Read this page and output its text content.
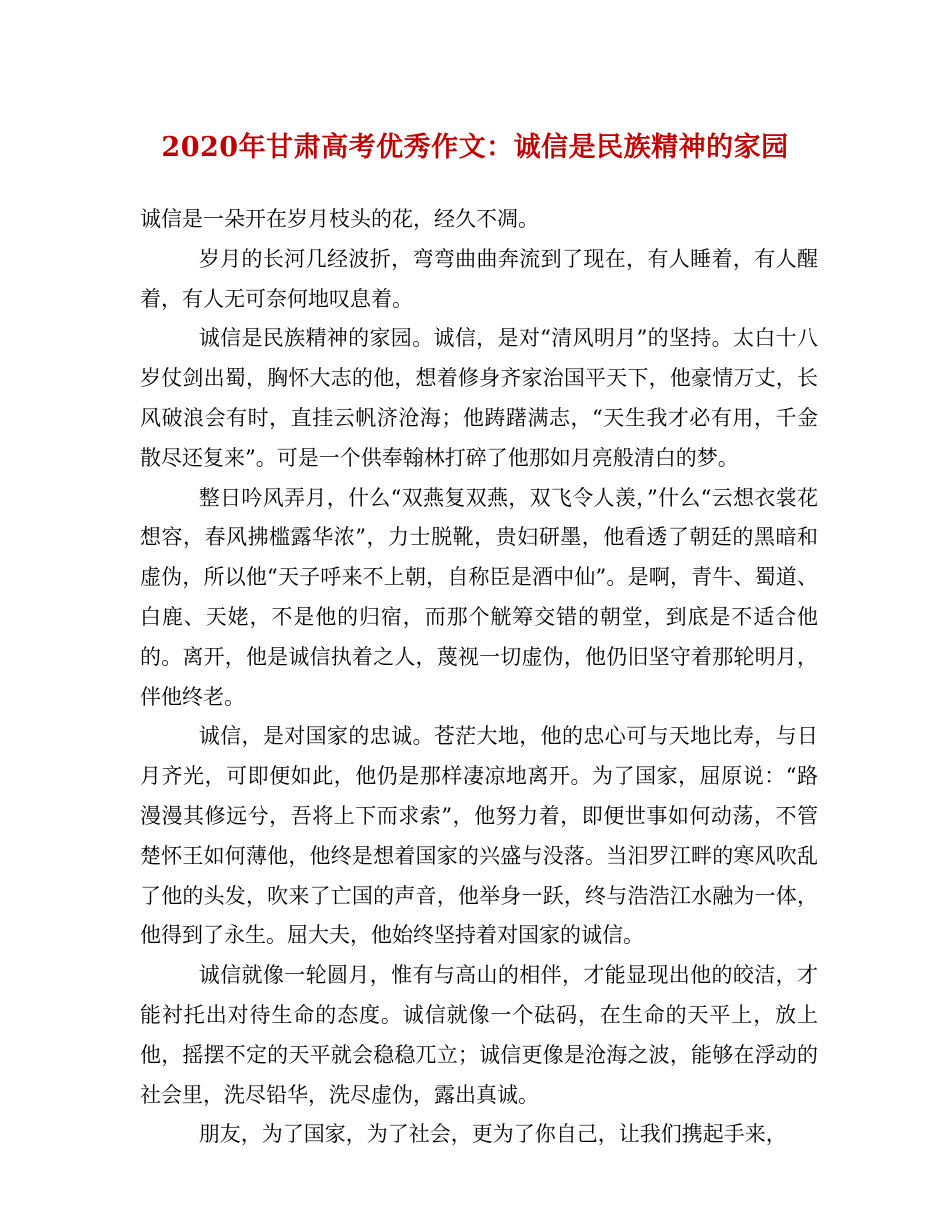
2020年甘肃高考优秀作文：诚信是民族精神的家园

诚信是一朵开在岁月枝头的花，经久不凋。

岁月的长河几经波折，弯弯曲曲奔流到了现在，有人睡着，有人醒着，有人无可奈何地叹息着。

诚信是民族精神的家园。诚信，是对“清风明月”的坚持。太白十八岁仗剑出蜀，胸怀大志的他，想着修身齐家治国平天下，他豪情万丈，长风破浪会有时，直挂云帆济沧海；他踌躇满志，“天生我才必有用，千金散尽还复来”。可是一个供奉翰林打碎了他那如月亮般清白的梦。

整日吟风弄月，什么“双燕复双燕，双飞令人羡，”什么“云想衣裳花想容，春风拂槛露华浓”，力士脱靴，贵妇研墨，他看透了朝廷的黑暗和虚伪，所以他“天子呼来不上朝，自称臣是酒中仙”。是啊，青牛、蜀道、白鹿、天姥，不是他的归宿，而那个觥筹交错的朝堂，到底是不适合他的。离开，他是诚信执着之人，蔑视一切虚伪，他仍旧坚守着那轮明月，伴他终老。

诚信，是对国家的忠诚。苍茫大地，他的忠心可与天地比寿，与日月齐光，可即便如此，他仍是那样凄凉地离开。为了国家，屈原说：“路漫漫其修远兮，吾将上下而求索”，他努力着，即便世事如何动荡，不管楚怀王如何薄他，他终是想着国家的兴盛与没落。当汨罗江畔的寒风吹乱了他的头发，吹来了亡国的声音，他举身一跃，终与浩浩江水融为一体，他得到了永生。屈大夫，他始终坚持着对国家的诚信。

诚信就像一轮圆月，惟有与高山的相伴，才能显现出他的皎洁，才能衬托出对待生命的态度。诚信就像一个砝码，在生命的天平上，放上他，摇摆不定的天平就会稳稳兀立；诚信更像是沧海之波，能够在浮动的社会里，洗尽铅华，洗尽虚伪，露出真诚。

朋友，为了国家，为了社会，更为了你自己，让我们携起手来，
